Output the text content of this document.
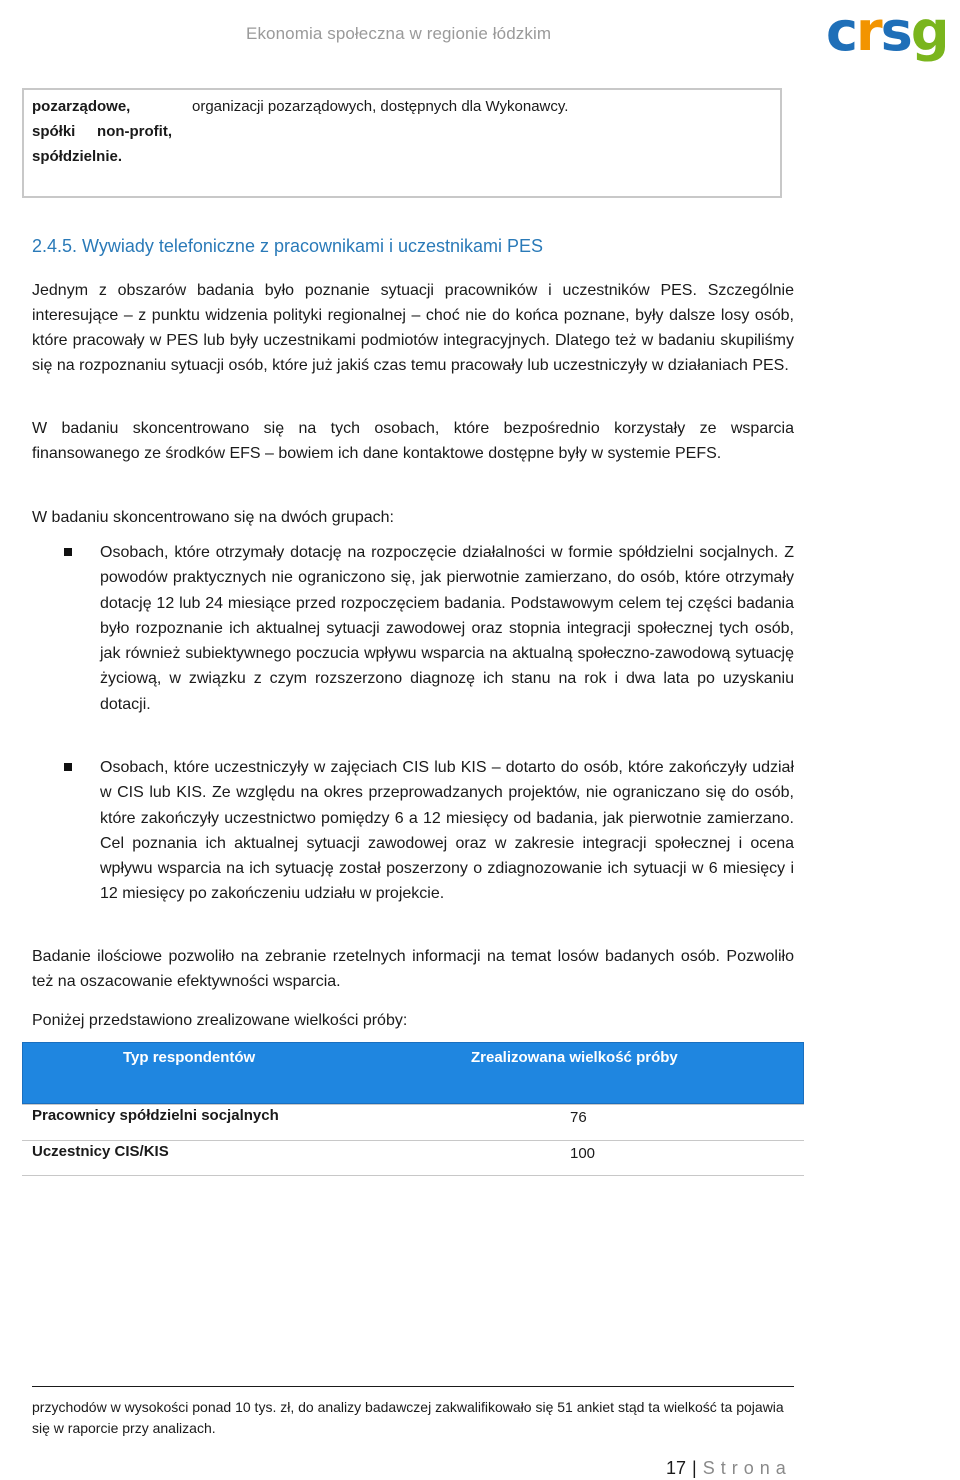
Ekonomia społeczna w regionie łódzkim	crsg
pozarządowe, spółki non-profit, spółdzielnie.
organizacji pozarządowych, dostępnych dla Wykonawcy.
2.4.5. Wywiady telefoniczne z pracownikami i uczestnikami PES

Jednym z obszarów badania było poznanie sytuacji pracowników i uczestników PES. Szczególnie interesujące – z punktu widzenia polityki regionalnej – choć nie do końca poznane, były dalsze losy osób, które pracowały w PES lub były uczestnikami podmiotów integracyjnych. Dlatego też w badaniu skupiliśmy się na rozpoznaniu sytuacji osób, które już jakiś czas temu pracowały lub uczestniczyły w działaniach PES.

W badaniu skoncentrowano się na tych osobach, które bezpośrednio korzystały ze wsparcia finansowanego ze środków EFS – bowiem ich dane kontaktowe dostępne były w systemie PEFS.

W badaniu skoncentrowano się na dwóch grupach:

Osobach, które otrzymały dotację na rozpoczęcie działalności w formie spółdzielni socjalnych. Z powodów praktycznych nie ograniczono się, jak pierwotnie zamierzano, do osób, które otrzymały dotację 12 lub 24 miesiące przed rozpoczęciem badania. Podstawowym celem tej części badania było rozpoznanie ich aktualnej sytuacji zawodowej oraz stopnia integracji społecznej tych osób, jak również subiektywnego poczucia wpływu wsparcia na aktualną społeczno-zawodową sytuację życiową, w związku z czym rozszerzono diagnozę ich stanu na rok i dwa lata po uzyskaniu dotacji.

Osobach, które uczestniczyły w zajęciach CIS lub KIS – dotarto do osób, które zakończyły udział w CIS lub KIS. Ze względu na okres przeprowadzanych projektów, nie ograniczano się do osób, które zakończyły uczestnictwo pomiędzy 6 a 12 miesięcy od badania, jak pierwotnie zamierzano. Cel poznania ich aktualnej sytuacji zawodowej oraz w zakresie integracji społecznej i ocena wpływu wsparcia na ich sytuację został poszerzony o zdiagnozowanie ich sytuacji w 6 miesięcy i 12 miesięcy po zakończeniu udziału w projekcie.

Badanie ilościowe pozwoliło na zebranie rzetelnych informacji na temat losów badanych osób. Pozwoliło też na oszacowanie efektywności wsparcia.

Poniżej przedstawiono zrealizowane wielkości próby:

Typ respondentów	Zrealizowana wielkość próby
Pracownicy spółdzielni socjalnych	76
Uczestnicy CIS/KIS	100

przychodów w wysokości ponad 10 tys. zł, do analizy badawczej zakwalifikowało się 51 ankiet stąd ta wielkość ta pojawia się w raporcie przy analizach.

17 | Strona
